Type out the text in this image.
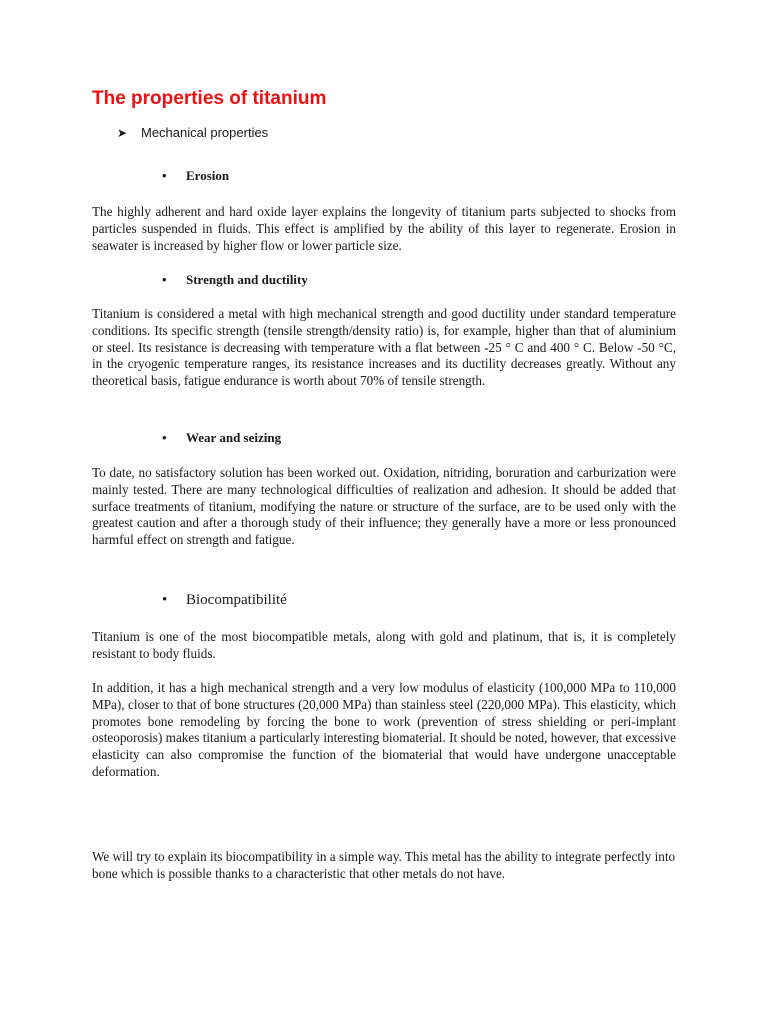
The properties of titanium
➤ Mechanical properties
• Erosion

The highly adherent and hard oxide layer explains the longevity of titanium parts subjected to shocks from particles suspended in fluids. This effect is amplified by the ability of this layer to regenerate. Erosion in seawater is increased by higher flow or lower particle size.

• Strength and ductility

Titanium is considered a metal with high mechanical strength and good ductility under standard temperature conditions. Its specific strength (tensile strength/density ratio) is, for example, higher than that of aluminium or steel. Its resistance is decreasing with temperature with a flat between -25 ° C and 400 ° C. Below -50 °C, in the cryogenic temperature ranges, its resistance increases and its ductility decreases greatly. Without any theoretical basis, fatigue endurance is worth about 70% of tensile strength.

• Wear and seizing

To date, no satisfactory solution has been worked out. Oxidation, nitriding, boruration and carburization were mainly tested. There are many technological difficulties of realization and adhesion. It should be added that surface treatments of titanium, modifying the nature or structure of the surface, are to be used only with the greatest caution and after a thorough study of their influence; they generally have a more or less pronounced harmful effect on strength and fatigue.

• Biocompatibilité

Titanium is one of the most biocompatible metals, along with gold and platinum, that is, it is completely resistant to body fluids.

In addition, it has a high mechanical strength and a very low modulus of elasticity (100,000 MPa to 110,000 MPa), closer to that of bone structures (20,000 MPa) than stainless steel (220,000 MPa). This elasticity, which promotes bone remodeling by forcing the bone to work (prevention of stress shielding or peri-implant osteoporosis) makes titanium a particularly interesting biomaterial. It should be noted, however, that excessive elasticity can also compromise the function of the biomaterial that would have undergone unacceptable deformation.

We will try to explain its biocompatibility in a simple way. This metal has the ability to integrate perfectly into bone which is possible thanks to a characteristic that other metals do not have.
